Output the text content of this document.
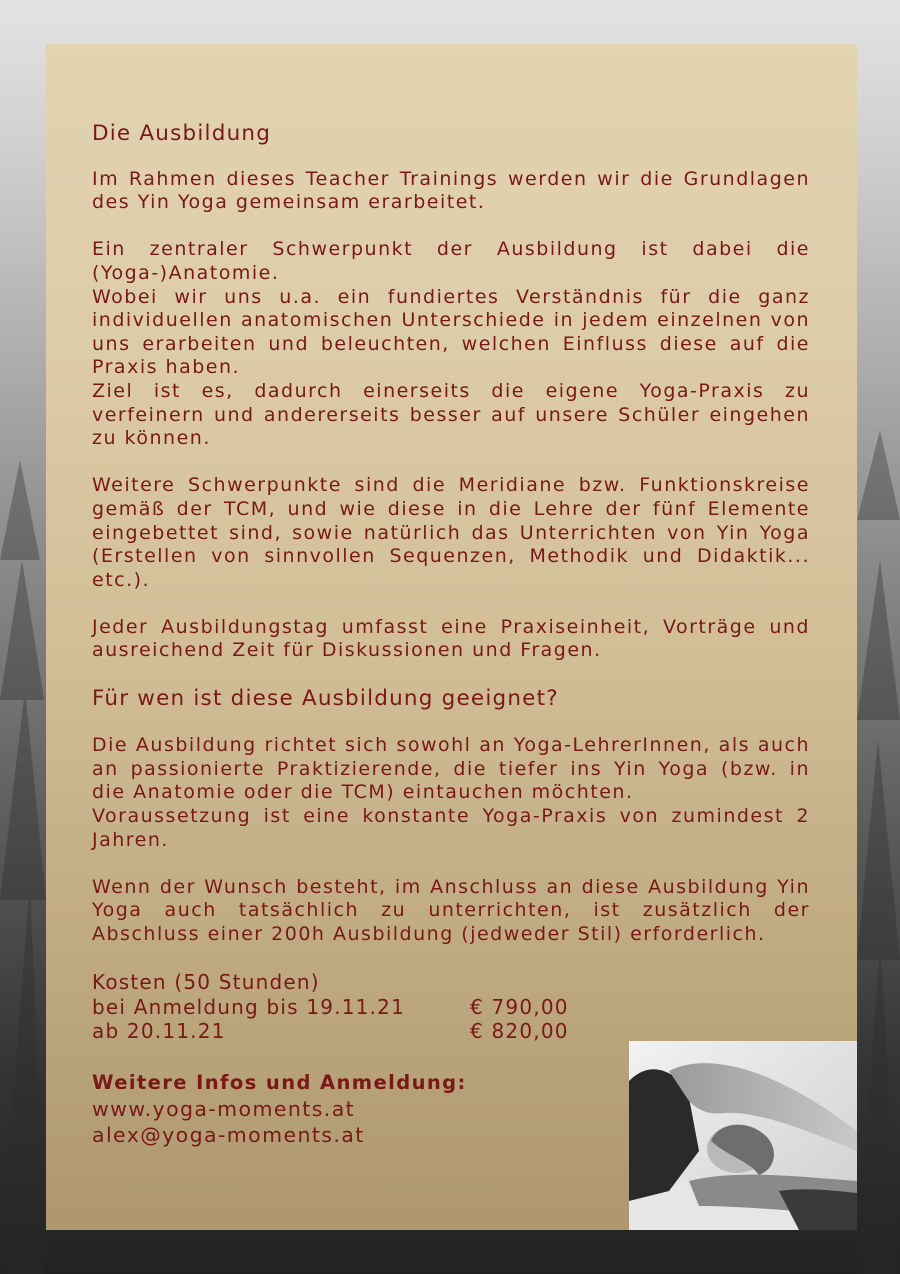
Die Ausbildung

Im Rahmen dieses Teacher Trainings werden wir die Grundlagen des Yin Yoga gemeinsam erarbeitet.

Ein zentraler Schwerpunkt der Ausbildung ist dabei die (Yoga-)Anatomie.
Wobei wir uns u.a. ein fundiertes Verständnis für die ganz individuellen anatomischen Unterschiede in jedem einzelnen von uns erarbeiten und beleuchten, welchen Einfluss diese auf die Praxis haben.
Ziel ist es, dadurch einerseits die eigene Yoga-Praxis zu verfeinern und andererseits besser auf unsere Schüler eingehen zu können.

Weitere Schwerpunkte sind die Meridiane bzw. Funktionskreise gemäß der TCM, und wie diese in die Lehre der fünf Elemente eingebettet sind, sowie natürlich das Unterrichten von Yin Yoga (Erstellen von sinnvollen Sequenzen, Methodik und Didaktik... etc.).

Jeder Ausbildungstag umfasst eine Praxiseinheit, Vorträge und ausreichend Zeit für Diskussionen und Fragen.

Für wen ist diese Ausbildung geeignet?

Die Ausbildung richtet sich sowohl an Yoga-LehrerInnen, als auch an passionierte Praktizierende, die tiefer ins Yin Yoga (bzw. in die Anatomie oder die TCM) eintauchen möchten.
Voraussetzung ist eine konstante Yoga-Praxis von zumindest 2 Jahren.

Wenn der Wunsch besteht, im Anschluss an diese Ausbildung Yin Yoga auch tatsächlich zu unterrichten, ist zusätzlich der Abschluss einer 200h Ausbildung (jedweder Stil) erforderlich.

Kosten (50 Stunden)
bei Anmeldung bis 19.11.21	€ 790,00
ab 20.11.21	€ 820,00
Weitere Infos und Anmeldung:
www.yoga-moments.at
alex@yoga-moments.at
